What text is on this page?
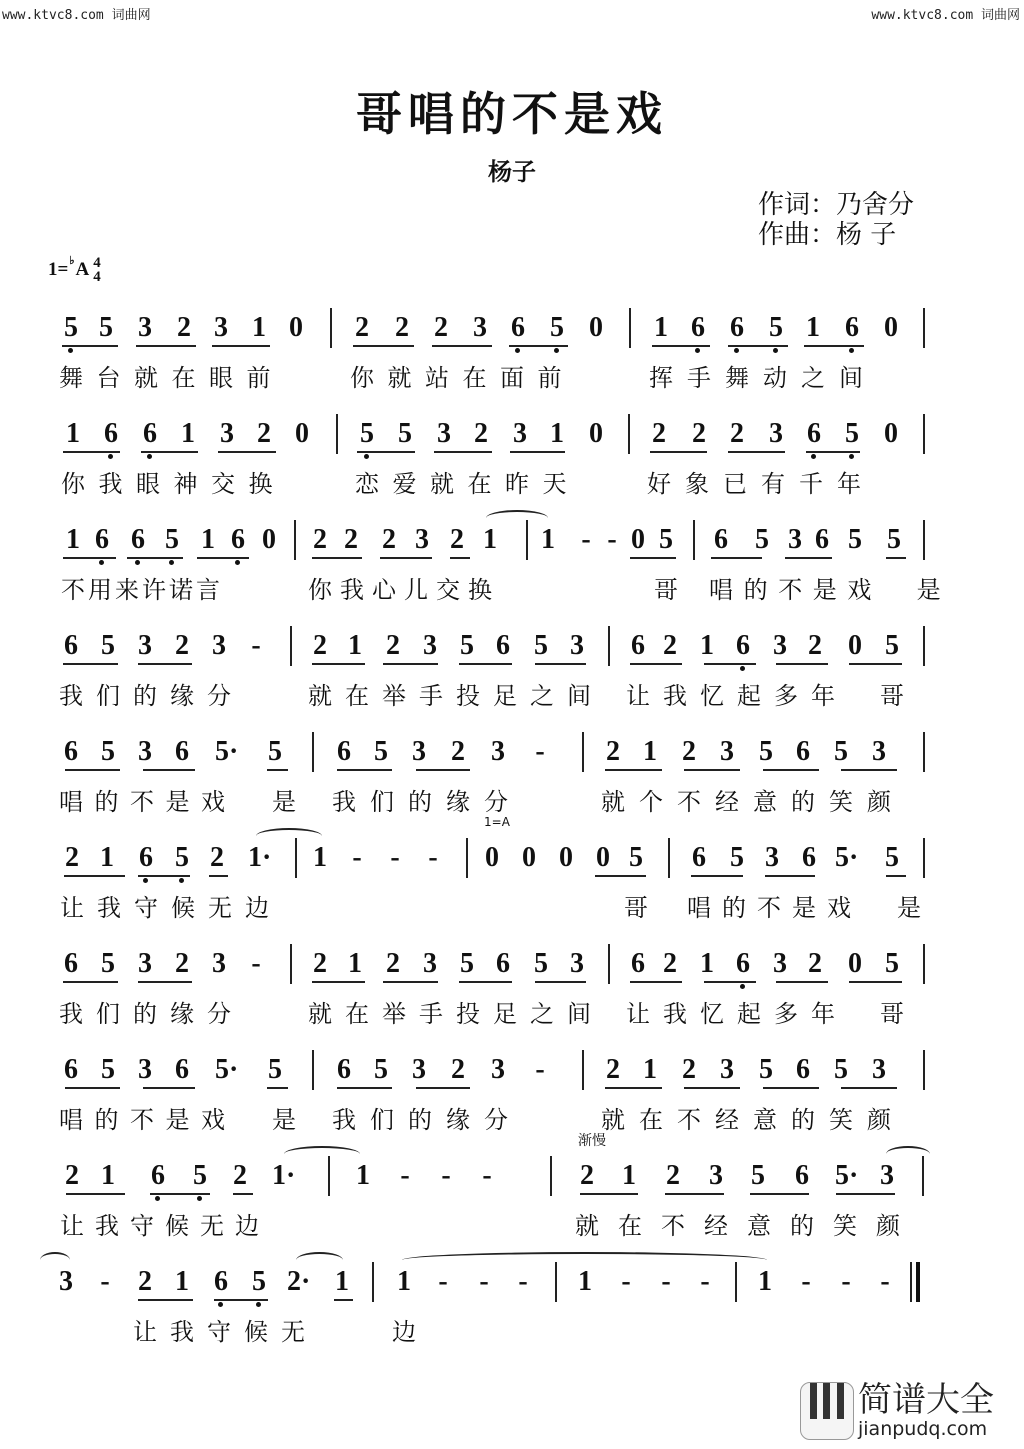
www.ktvc8.com 词曲网	www.ktvc8.com 词曲网
哥唱的不是戏
杨子
作词：乃舍分
作曲：杨 子
1= ♭ A 4
4
5 5 3 2 3 1 0 2 2 2 3 6 5 0 1 6 6 5 1 6 0
舞 台 就 在 眼 前	你 就 站 在 面 前	挥 手 舞 动 之 间
1 6 6 1 3 2 0 5 5 3 2 3 1 0 2 2 2 3 6 5 0
你 我 眼 神 交 换	恋 爱 就 在 昨 天	好 象 已 有 千 年
1 6 6 5 1 6 0 2 2 2 3 2 1 1 - - 0 5 6 5 3 6 5 5
不 用 来 许 诺 言	你 我 心 儿 交 换	哥 唱 的 不 是 戏 是
6 5 3 2 3 - 2 1 2 3 5 6 5 3 6 2 1 6 3 2 0 5
我 们 的 缘 分	就 在 举 手 投 足 之 间 让 我 忆 起 多 年 哥
6 5 3 6 5· 5 6 5 3 2 3 - 2 1 2 3 5 6 5 3
唱 的 不 是 戏 是 我 们 的 缘 分	就 个 不 经 意 的 笑 颜
2 1 6 5 2 1· 1 - - - 0 0 0 0 5 6 5 3 6 5· 5
让 我 守 候 无 边	哥 唱 的 不 是 戏 是
6 5 3 2 3 - 2 1 2 3 5 6 5 3 6 2 1 6 3 2 0 5
我 们 的 缘 分	就 在 举 手 投 足 之 间 让 我 忆 起 多 年 哥
6 5 3 6 5· 5 6 5 3 2 3 - 2 1 2 3 5 6 5 3
唱 的 不 是 戏 是 我 们 的 缘 分	就 在 不 经 意 的 笑 颜
2 1 6 5 2 1· 1 - - -	2 1 2 3 5 6 5· 3
让 我 守 候 无 边	就 在 不 经 意 的 笑 颜
3 - 2 1 6 5 2· 1 1 - - - 1 - - - 1 - - -
让 我 守 候 无	边
1=A
渐慢
简谱大全
jianpudq.com
